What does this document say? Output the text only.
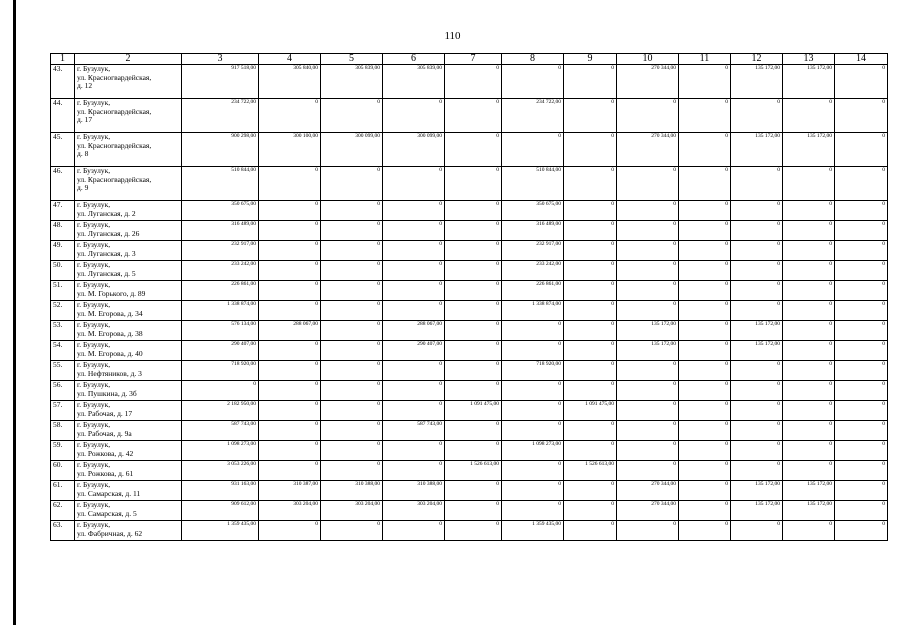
110
1	2	3	4	5	6	7	8	9	10	11	12	13	14
43.	г. Бузулук,
ул. Красногвардейская,
д. 12	917 518,00	305 840,00	305 839,00	305 839,00	0	0	0	270 344,00	0	135 172,00	135 172,00	0
44.	г. Бузулук,
ул. Красногвардейская,
д. 17	234 722,00	0	0	0	0	234 722,00	0	0	0	0	0	0
45.	г. Бузулук,
ул. Красногвардейская,
д. 8	900 298,00	300 100,00	300 099,00	300 099,00	0	0	0	270 344,00	0	135 172,00	135 172,00	0
46.	г. Бузулук,
ул. Красногвардейская,
д. 9	510 844,00	0	0	0	0	510 844,00	0	0	0	0	0	0
47.	г. Бузулук,
ул. Луганская, д. 2	350 675,00	0	0	0	0	350 675,00	0	0	0	0	0	0
48.	г. Бузулук,
ул. Луганская, д. 26	316 489,00	0	0	0	0	316 489,00	0	0	0	0	0	0
49.	г. Бузулук,
ул. Луганская, д. 3	232 917,00	0	0	0	0	232 917,00	0	0	0	0	0	0
50.	г. Бузулук,
ул. Луганская, д. 5	233 242,00	0	0	0	0	233 242,00	0	0	0	0	0	0
51.	г. Бузулук,
ул. М. Горького, д. 89	226 861,00	0	0	0	0	226 861,00	0	0	0	0	0	0
52.	г. Бузулук,
ул. М. Егорова, д. 34	1 338 874,00	0	0	0	0	1 338 874,00	0	0	0	0	0	0
53.	г. Бузулук,
ул. М. Егорова, д. 38	576 134,00	288 067,00	0	288 067,00	0	0	0	135 172,00	0	135 172,00	0	0
54.	г. Бузулук,
ул. М. Егорова, д. 40	290 407,00	0	0	290 407,00	0	0	0	135 172,00	0	135 172,00	0	0
55.	г. Бузулук,
ул. Нефтяников, д. 3	718 920,00	0	0	0	0	718 920,00	0	0	0	0	0	0
56.	г. Бузулук,
ул. Пушкина, д. 3б	0	0	0	0	0	0	0	0	0	0	0	0
57.	г. Бузулук,
ул. Рабочая, д. 17	2 182 950,00	0	0	0	1 091 475,00	0	1 091 475,00	0	0	0	0	0
58.	г. Бузулук,
ул. Рабочая, д. 9а	587 743,00	0	0	587 743,00	0	0	0	0	0	0	0	0
59.	г. Бузулук,
ул. Рожкова, д. 42	1 098 273,00	0	0	0	0	1 098 273,00	0	0	0	0	0	0
60.	г. Бузулук,
ул. Рожкова, д. 61	3 053 226,00	0	0	0	1 526 613,00	0	1 526 613,00	0	0	0	0	0
61.	г. Бузулук,
ул. Самарская, д. 11	931 163,00	310 387,00	310 388,00	310 388,00	0	0	0	270 344,00	0	135 172,00	135 172,00	0
62.	г. Бузулук,
ул. Самарская, д. 5	909 612,00	303 204,00	303 204,00	303 204,00	0	0	0	270 344,00	0	135 172,00	135 172,00	0
63.	г. Бузулук,
ул. Фабричная, д. 62	1 359 435,00	0	0	0	0	1 359 435,00	0	0	0	0	0	0
